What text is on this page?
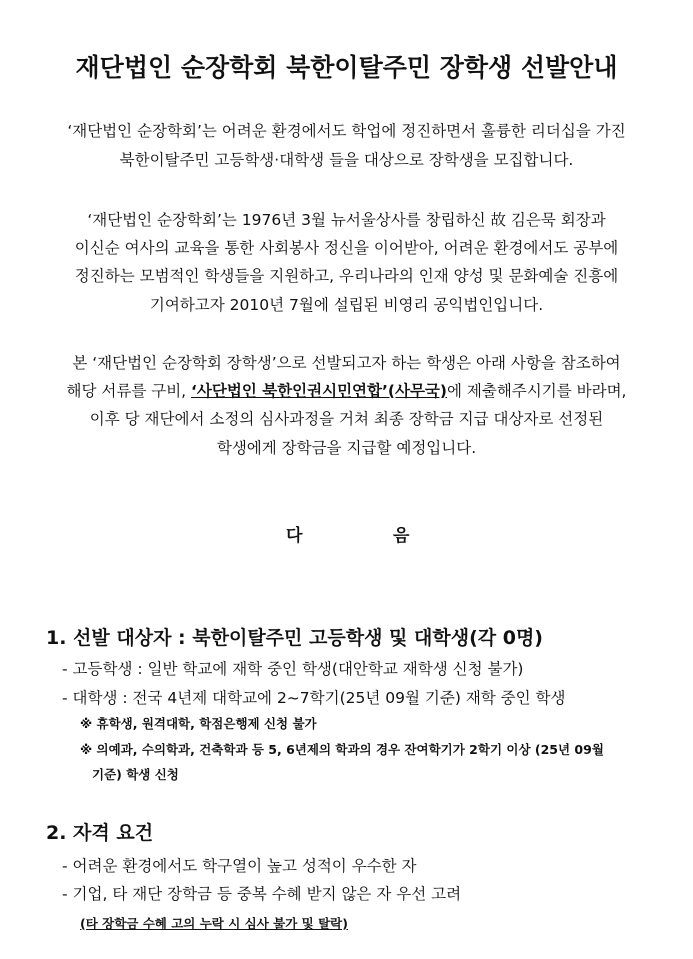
재단법인 순장학회 북한이탈주민 장학생 선발안내
‘재단법인 순장학회’는 어려운 환경에서도 학업에 정진하면서 훌륭한 리더십을 가진
북한이탈주민 고등학생·대학생 들을 대상으로 장학생을 모집합니다.
‘재단법인 순장학회’는 1976년 3월 뉴서울상사를 창립하신 故 김은묵 회장과
이신순 여사의 교육을 통한 사회봉사 정신을 이어받아, 어려운 환경에서도 공부에
정진하는 모범적인 학생들을 지원하고, 우리나라의 인재 양성 및 문화예술 진흥에
기여하고자 2010년 7월에 설립된 비영리 공익법인입니다.
본 ‘재단법인 순장학회 장학생’으로 선발되고자 하는 학생은 아래 사항을 참조하여
해당 서류를 구비, ‘사단법인 북한인권시민연합’(사무국)에 제출해주시기를 바라며,
이후 당 재단에서 소정의 심사과정을 거쳐 최종 장학금 지급 대상자로 선정된
학생에게 장학금을 지급할 예정입니다.
다	음
1. 선발 대상자 : 북한이탈주민 고등학생 및 대학생(각 0명)
- 고등학생 : 일반 학교에 재학 중인 학생(대안학교 재학생 신청 불가)
- 대학생 : 전국 4년제 대학교에 2~7학기(25년 09월 기준) 재학 중인 학생
※ 휴학생, 원격대학, 학점은행제 신청 불가
※ 의예과, 수의학과, 건축학과 등 5, 6년제의 학과의 경우 잔여학기가 2학기 이상 (25년 09월
기준) 학생 신청
2. 자격 요건
- 어려운 환경에서도 학구열이 높고 성적이 우수한 자
- 기업, 타 재단 장학금 등 중복 수혜 받지 않은 자 우선 고려
(타 장학금 수혜 고의 누락 시 심사 불가 및 탈락)
